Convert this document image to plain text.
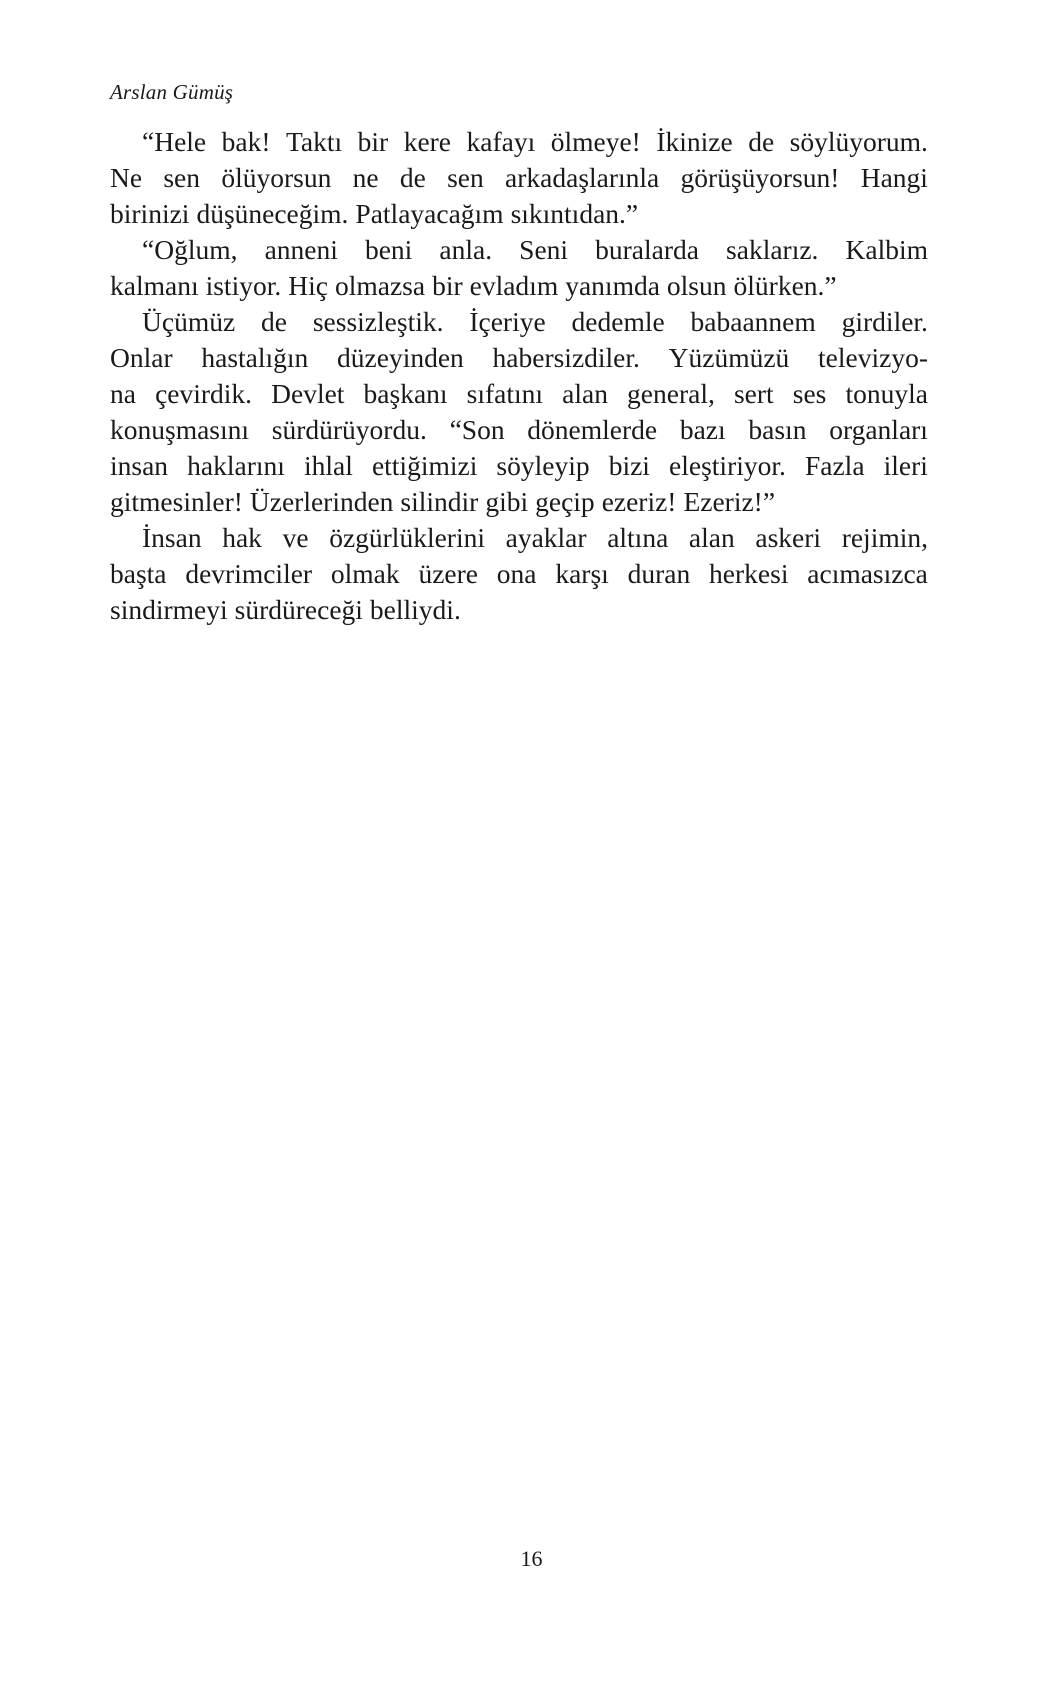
Arslan Gümüş
“Hele bak! Taktı bir kere kafayı ölmeye! İkinize de söylüyorum.
Ne sen ölüyorsun ne de sen arkadaşlarınla görüşüyorsun! Hangi
birinizi düşüneceğim. Patlayacağım sıkıntıdan.”
“Oğlum, anneni beni anla. Seni buralarda saklarız. Kalbim
kalmanı istiyor. Hiç olmazsa bir evladım yanımda olsun ölürken.”
Üçümüz de sessizleştik. İçeriye dedemle babaannem girdiler.
Onlar hastalığın düzeyinden habersizdiler. Yüzümüzü televizyo-
na çevirdik. Devlet başkanı sıfatını alan general, sert ses tonuyla
konuşmasını sürdürüyordu. “Son dönemlerde bazı basın organları
insan haklarını ihlal ettiğimizi söyleyip bizi eleştiriyor. Fazla ileri
gitmesinler! Üzerlerinden silindir gibi geçip ezeriz! Ezeriz!”
İnsan hak ve özgürlüklerini ayaklar altına alan askeri rejimin,
başta devrimciler olmak üzere ona karşı duran herkesi acımasızca
sindirmeyi sürdüreceği belliydi.
16
